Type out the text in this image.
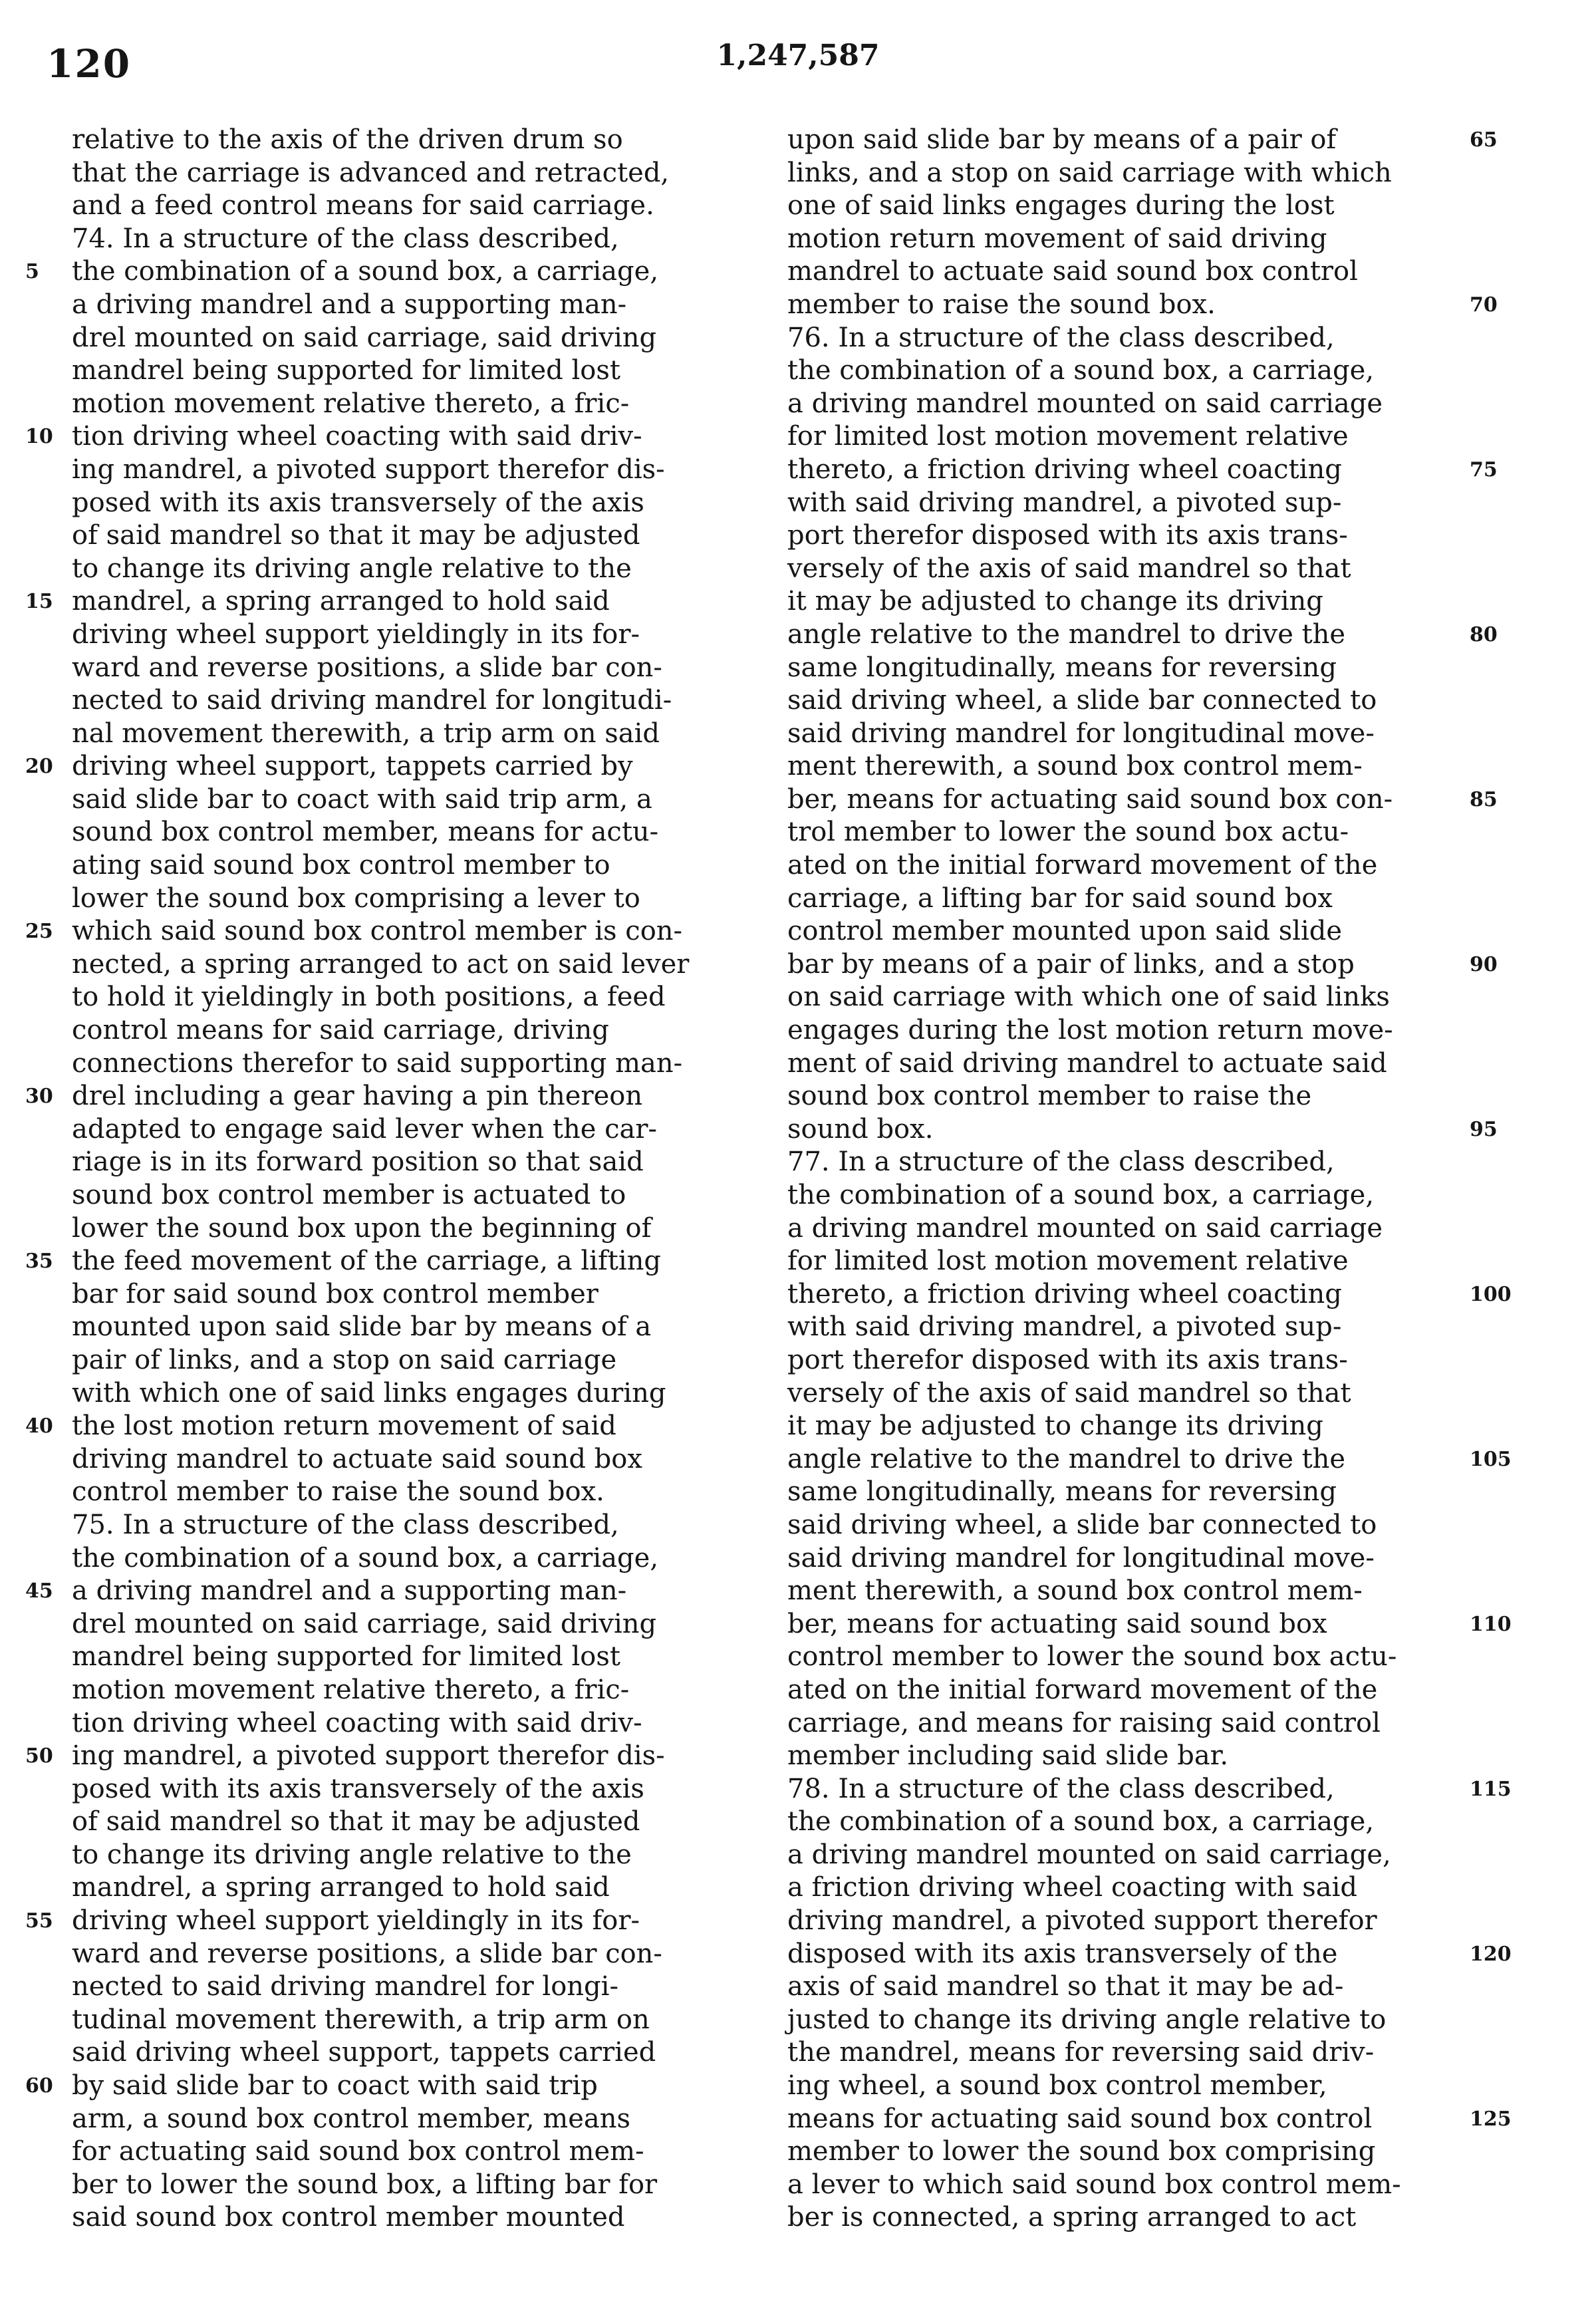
120	1,247,587
relative to the axis of the driven drum so
that the carriage is advanced and retracted,
and a feed control means for said carriage.
74. In a structure of the class described,
the combination of a sound box, a carriage,
a driving mandrel and a supporting man-
drel mounted on said carriage, said driving
mandrel being supported for limited lost
motion movement relative thereto, a fric-
tion driving wheel coacting with said driv-
ing mandrel, a pivoted support therefor dis-
posed with its axis transversely of the axis
of said mandrel so that it may be adjusted
to change its driving angle relative to the
mandrel, a spring arranged to hold said
driving wheel support yieldingly in its for-
ward and reverse positions, a slide bar con-
nected to said driving mandrel for longitudi-
nal movement therewith, a trip arm on said
driving wheel support, tappets carried by
said slide bar to coact with said trip arm, a
sound box control member, means for actu-
ating said sound box control member to
lower the sound box comprising a lever to
which said sound box control member is con-
nected, a spring arranged to act on said lever
to hold it yieldingly in both positions, a feed
control means for said carriage, driving
connections therefor to said supporting man-
drel including a gear having a pin thereon
adapted to engage said lever when the car-
riage is in its forward position so that said
sound box control member is actuated to
lower the sound box upon the beginning of
the feed movement of the carriage, a lifting
bar for said sound box control member
mounted upon said slide bar by means of a
pair of links, and a stop on said carriage
with which one of said links engages during
the lost motion return movement of said
driving mandrel to actuate said sound box
control member to raise the sound box.
75. In a structure of the class described,
the combination of a sound box, a carriage,
a driving mandrel and a supporting man-
drel mounted on said carriage, said driving
mandrel being supported for limited lost
motion movement relative thereto, a fric-
tion driving wheel coacting with said driv-
ing mandrel, a pivoted support therefor dis-
posed with its axis transversely of the axis
of said mandrel so that it may be adjusted
to change its driving angle relative to the
mandrel, a spring arranged to hold said
driving wheel support yieldingly in its for-
ward and reverse positions, a slide bar con-
nected to said driving mandrel for longi-
tudinal movement therewith, a trip arm on
said driving wheel support, tappets carried
by said slide bar to coact with said trip
arm, a sound box control member, means
for actuating said sound box control mem-
ber to lower the sound box, a lifting bar for
said sound box control member mounted
upon said slide bar by means of a pair of
links, and a stop on said carriage with which
one of said links engages during the lost
motion return movement of said driving
mandrel to actuate said sound box control
member to raise the sound box.
76. In a structure of the class described,
the combination of a sound box, a carriage,
a driving mandrel mounted on said carriage
for limited lost motion movement relative
thereto, a friction driving wheel coacting
with said driving mandrel, a pivoted sup-
port therefor disposed with its axis trans-
versely of the axis of said mandrel so that
it may be adjusted to change its driving
angle relative to the mandrel to drive the
same longitudinally, means for reversing
said driving wheel, a slide bar connected to
said driving mandrel for longitudinal move-
ment therewith, a sound box control mem-
ber, means for actuating said sound box con-
trol member to lower the sound box actu-
ated on the initial forward movement of the
carriage, a lifting bar for said sound box
control member mounted upon said slide
bar by means of a pair of links, and a stop
on said carriage with which one of said links
engages during the lost motion return move-
ment of said driving mandrel to actuate said
sound box control member to raise the
sound box.
77. In a structure of the class described,
the combination of a sound box, a carriage,
a driving mandrel mounted on said carriage
for limited lost motion movement relative
thereto, a friction driving wheel coacting
with said driving mandrel, a pivoted sup-
port therefor disposed with its axis trans-
versely of the axis of said mandrel so that
it may be adjusted to change its driving
angle relative to the mandrel to drive the
same longitudinally, means for reversing
said driving wheel, a slide bar connected to
said driving mandrel for longitudinal move-
ment therewith, a sound box control mem-
ber, means for actuating said sound box
control member to lower the sound box actu-
ated on the initial forward movement of the
carriage, and means for raising said control
member including said slide bar.
78. In a structure of the class described,
the combination of a sound box, a carriage,
a driving mandrel mounted on said carriage,
a friction driving wheel coacting with said
driving mandrel, a pivoted support therefor
disposed with its axis transversely of the
axis of said mandrel so that it may be ad-
justed to change its driving angle relative to
the mandrel, means for reversing said driv-
ing wheel, a sound box control member,
means for actuating said sound box control
member to lower the sound box comprising
a lever to which said sound box control mem-
ber is connected, a spring arranged to act
5
10
15
20
25
30
35
40
45
50
55
60
65
70
75
80
85
90
95
100
105
110
115
120
125
